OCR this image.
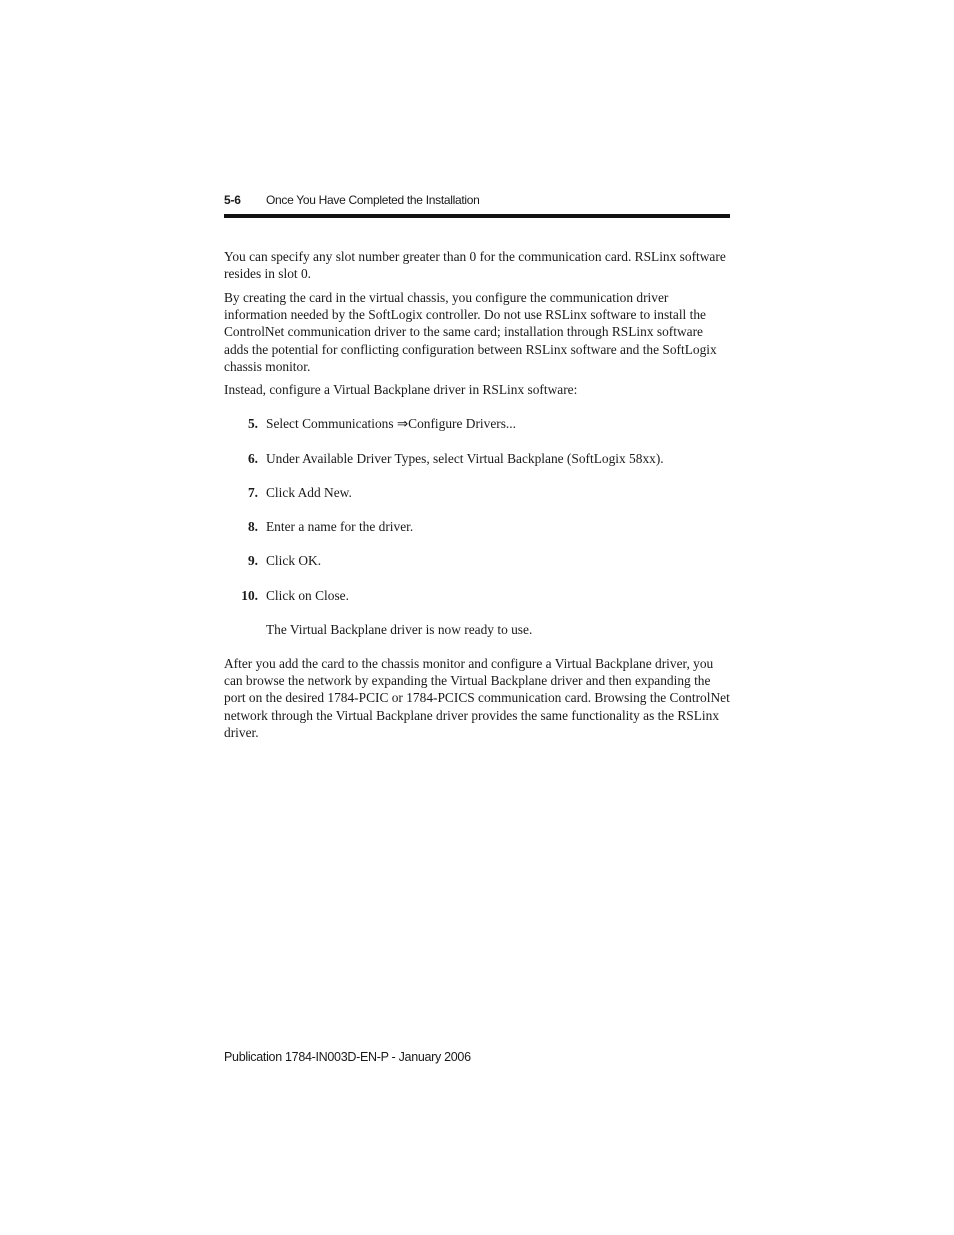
5-6 Once You Have Completed the Installation

You can specify any slot number greater than 0 for the communication card. RSLinx software resides in slot 0.

By creating the card in the virtual chassis, you configure the communication driver information needed by the SoftLogix controller. Do not use RSLinx software to install the ControlNet communication driver to the same card; installation through RSLinx software adds the potential for conflicting configuration between RSLinx software and the SoftLogix chassis monitor.

Instead, configure a Virtual Backplane driver in RSLinx software:

5. Select Communications ⇒Configure Drivers...
6. Under Available Driver Types, select Virtual Backplane (SoftLogix 58xx).
7. Click Add New.
8. Enter a name for the driver.
9. Click OK.
10. Click on Close.
The Virtual Backplane driver is now ready to use.

After you add the card to the chassis monitor and configure a Virtual Backplane driver, you can browse the network by expanding the Virtual Backplane driver and then expanding the port on the desired 1784-PCIC or 1784-PCICS communication card. Browsing the ControlNet network through the Virtual Backplane driver provides the same functionality as the RSLinx driver.

Publication 1784-IN003D-EN-P - January 2006
